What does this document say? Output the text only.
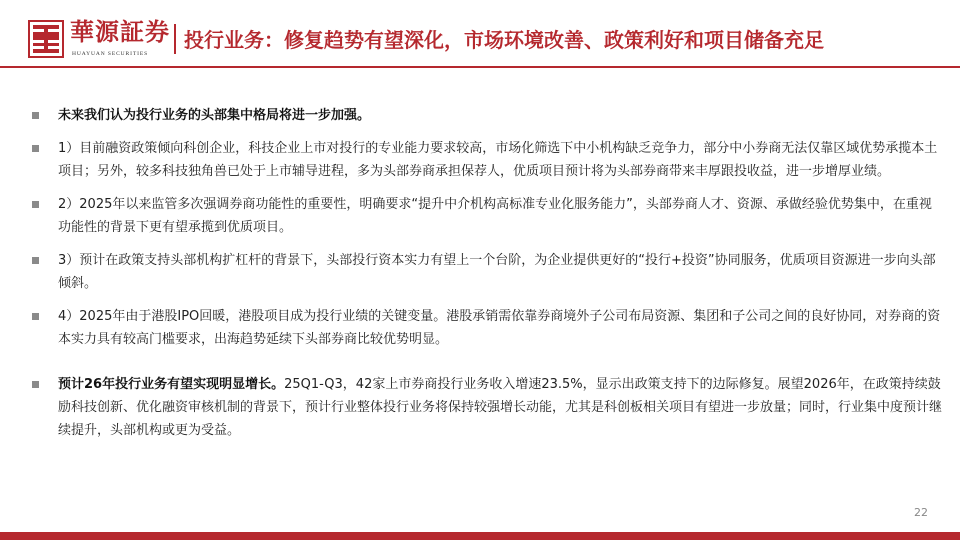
華源証券
HUAYUAN SECURITIES
投行业务：修复趋势有望深化，市场环境改善、政策利好和项目储备充足
未来我们认为投行业务的头部集中格局将进一步加强。
1）目前融资政策倾向科创企业，科技企业上市对投行的专业能力要求较高，市场化筛选下中小机构缺乏竞争力，部分中小券商无法仅靠区域优势承揽本土项目；另外，较多科技独角兽已处于上市辅导进程，多为头部券商承担保荐人，优质项目预计将为头部券商带来丰厚跟投收益，进一步增厚业绩。
2）2025年以来监管多次强调券商功能性的重要性，明确要求“提升中介机构高标准专业化服务能力”，头部券商人才、资源、承做经验优势集中，在重视功能性的背景下更有望承揽到优质项目。
3）预计在政策支持头部机构扩杠杆的背景下，头部投行资本实力有望上一个台阶，为企业提供更好的“投行+投资”协同服务，优质项目资源进一步向头部倾斜。
4）2025年由于港股IPO回暖，港股项目成为投行业绩的关键变量。港股承销需依靠券商境外子公司布局资源、集团和子公司之间的良好协同，对券商的资本实力具有较高门槛要求，出海趋势延续下头部券商比较优势明显。
预计26年投行业务有望实现明显增长。25Q1-Q3，42家上市券商投行业务收入增速23.5%，显示出政策支持下的边际修复。展望2026年，在政策持续鼓励科技创新、优化融资审核机制的背景下，预计行业整体投行业务将保持较强增长动能，尤其是科创板相关项目有望进一步放量；同时，行业集中度预计继续提升，头部机构或更为受益。
22
